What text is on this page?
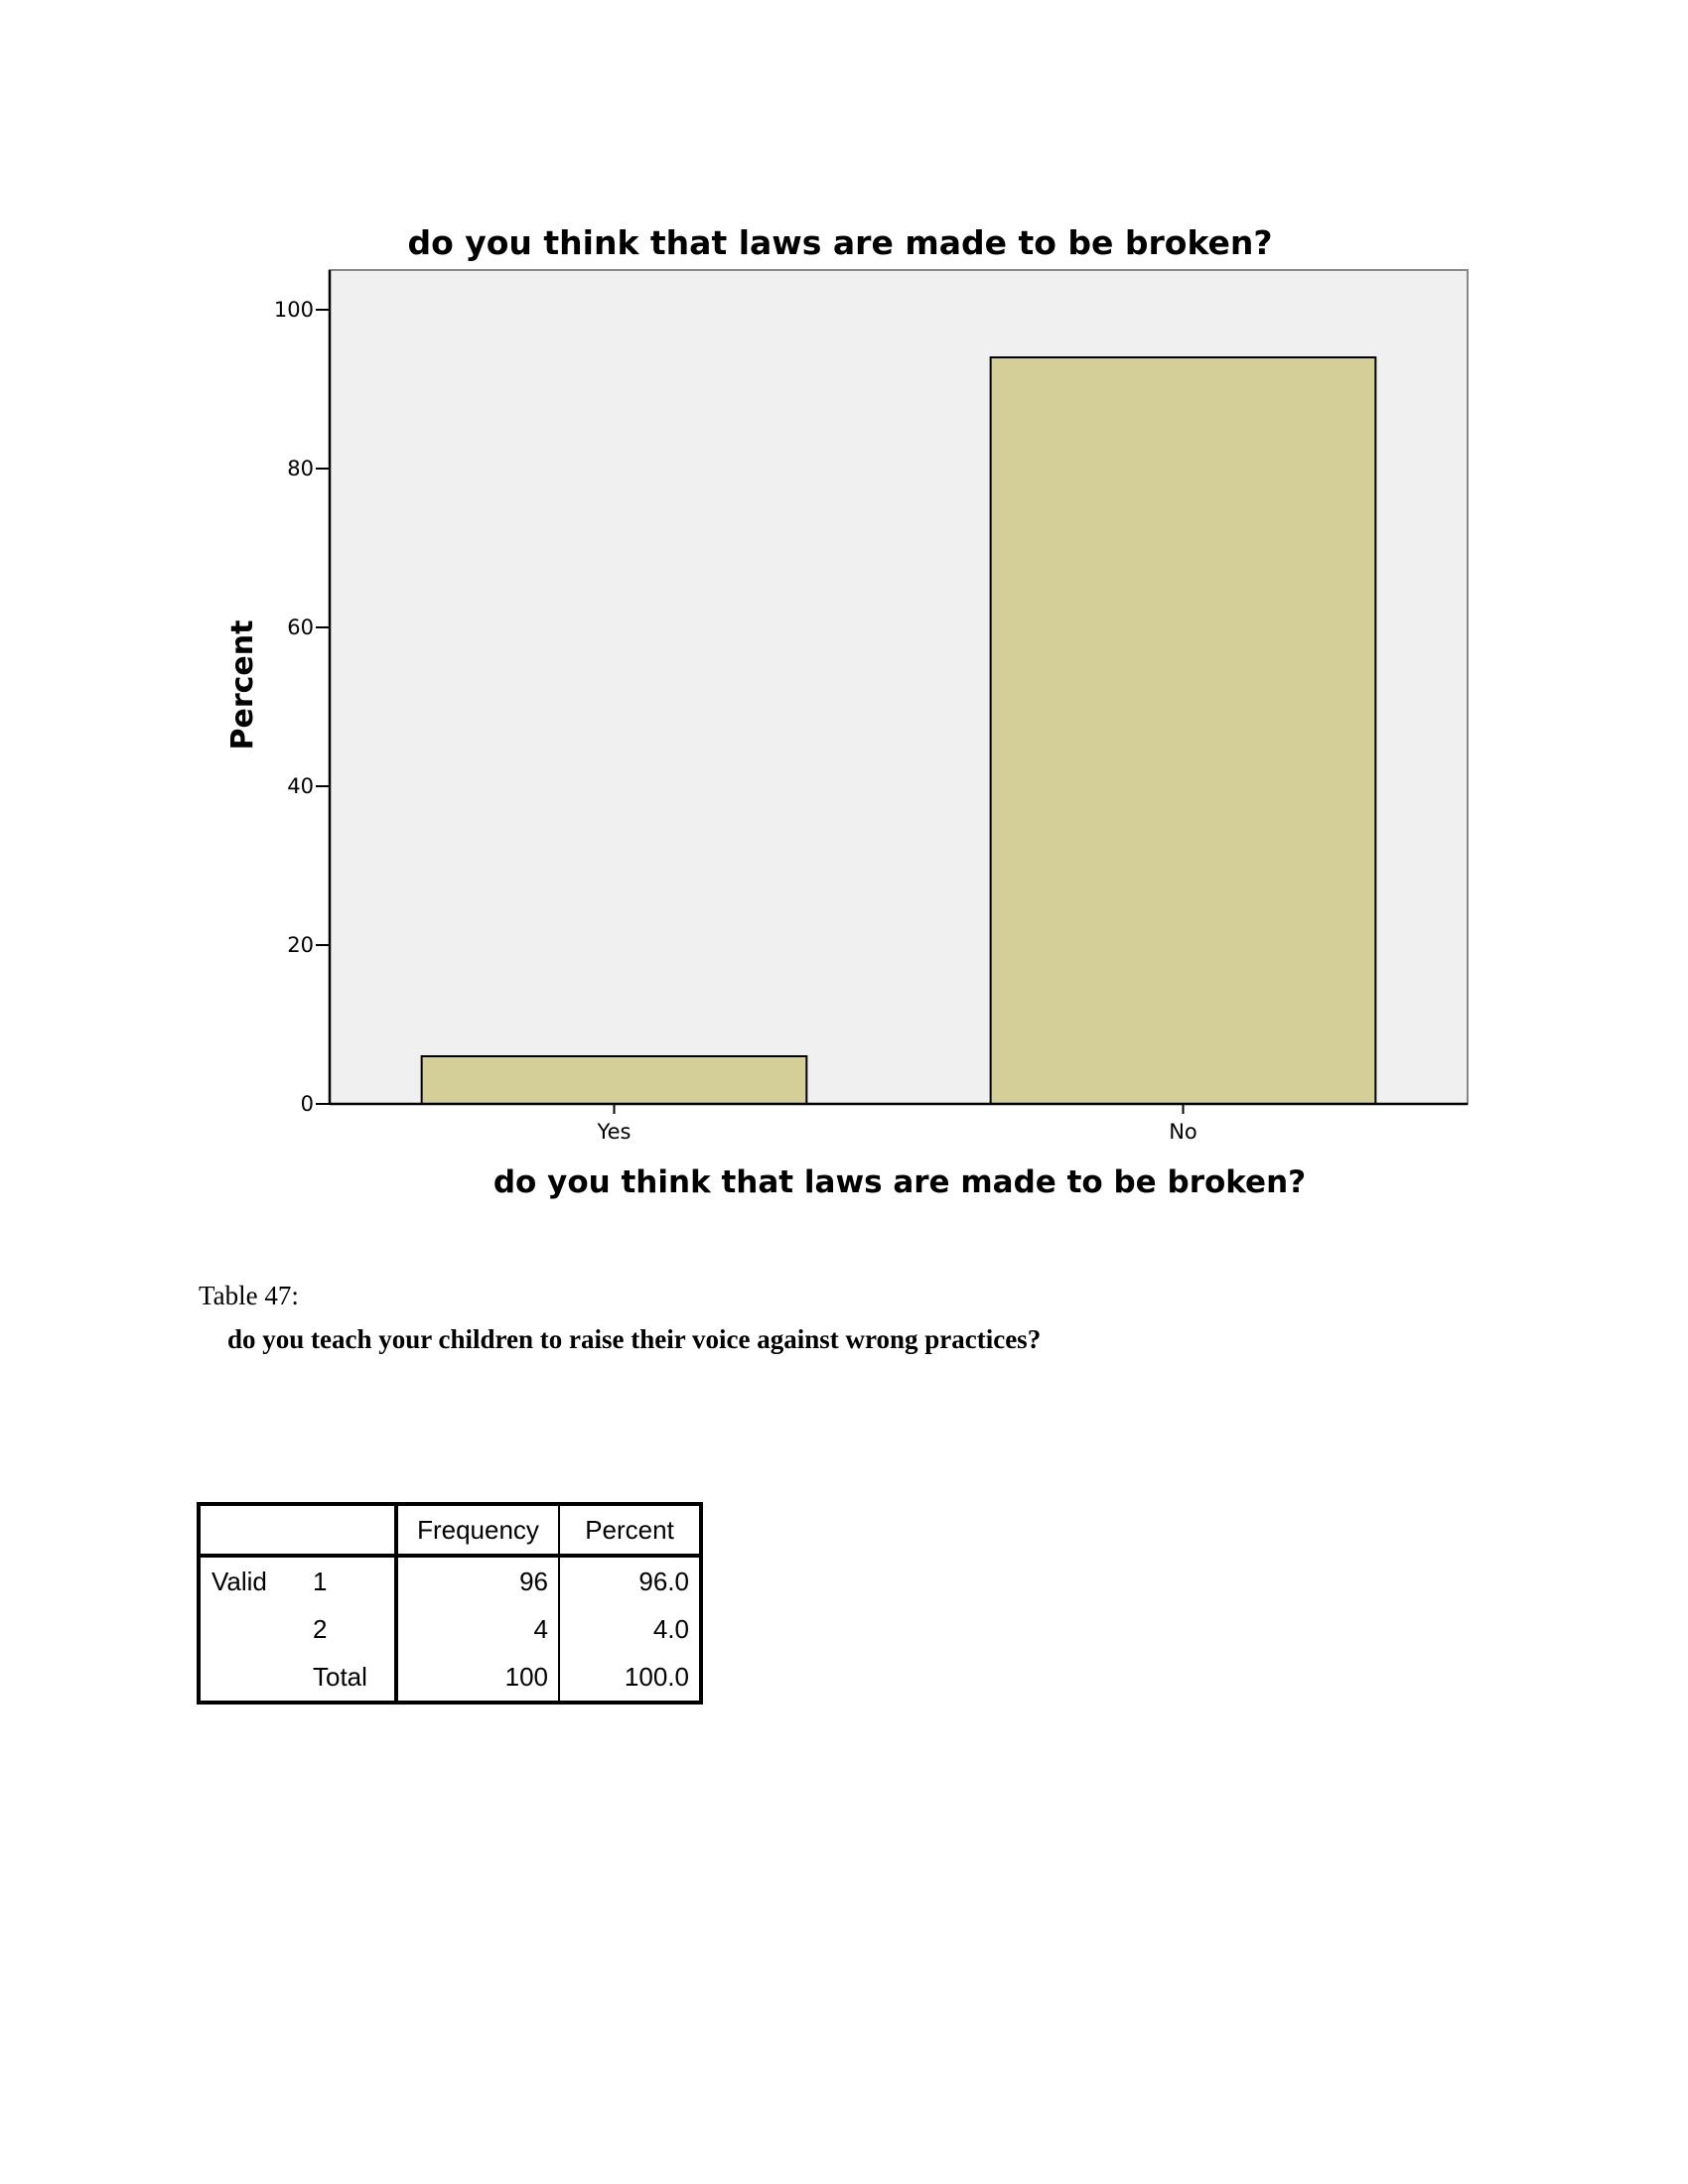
do you think that laws are made to be broken?
Yes	No
0
20
40
60
80
100
Percent
do you think that laws are made to be broken?
Table 47:
do you teach your children to raise their voice against wrong practices?
		Frequency	Percent
Valid	1	96	96.0
	2	4	4.0
	Total	100	100.0
